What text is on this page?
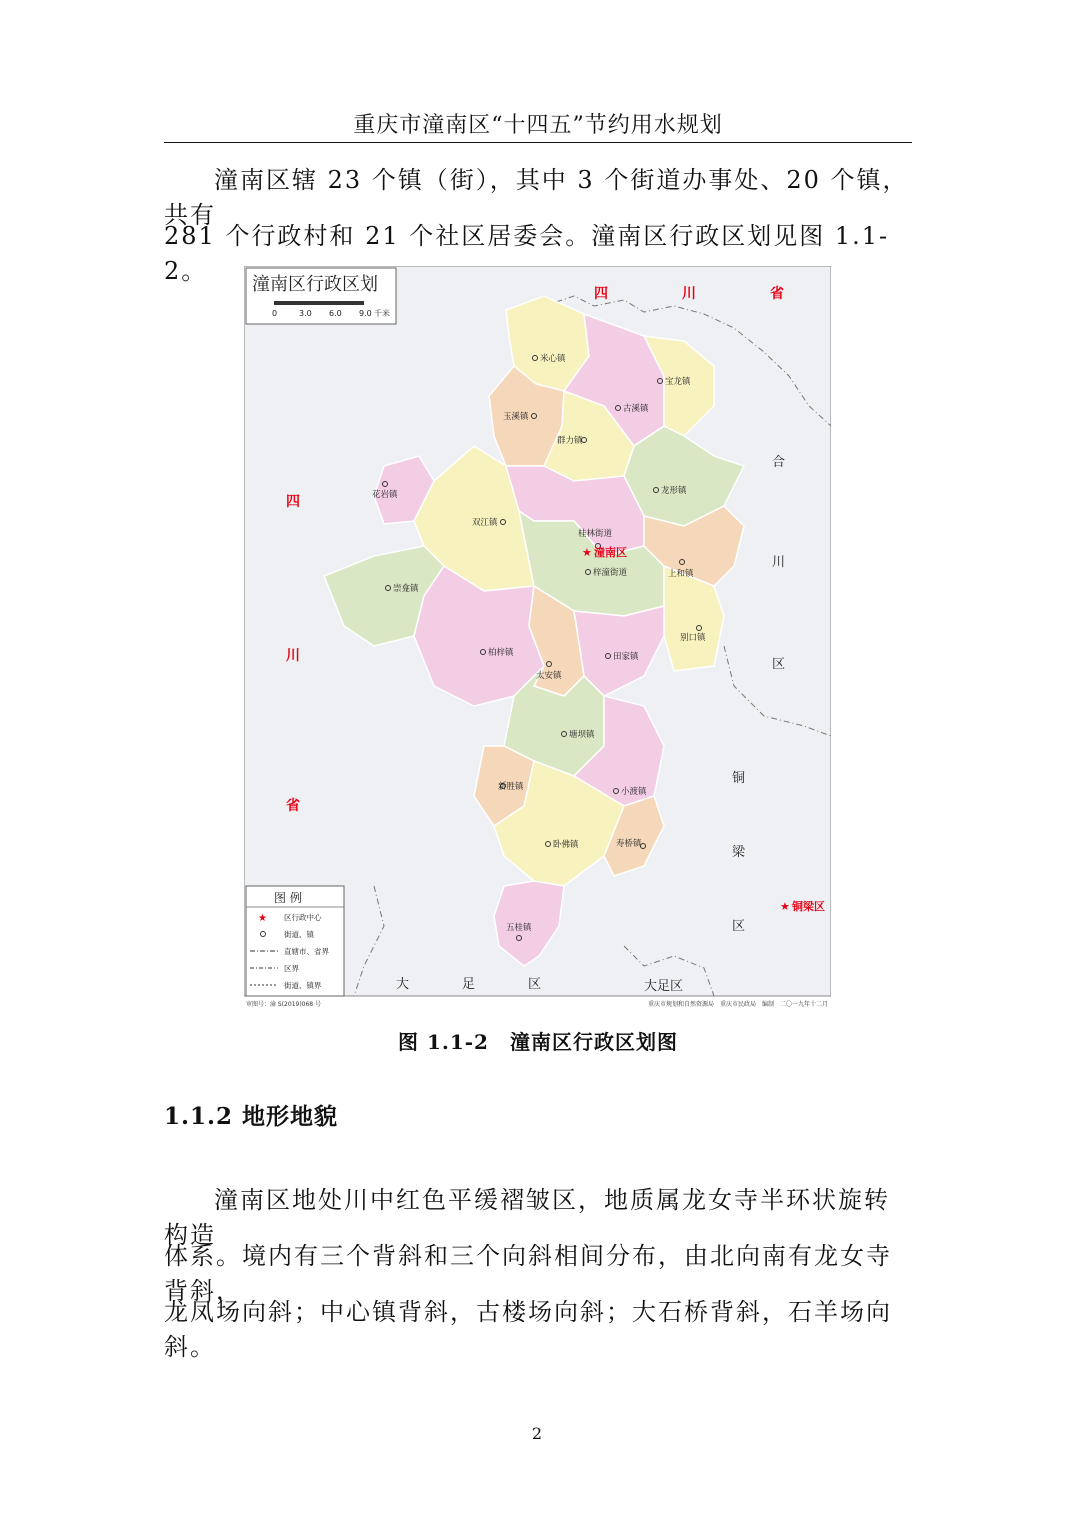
重庆市潼南区“十四五”节约用水规划

潼南区辖 23 个镇（街），其中 3 个街道办事处、20 个镇，共有

281 个行政村和 21 个社区居委会。潼南区行政区划见图 1.1-2。	潼南区行政区划
0	3.0 6.0 9.0 千米
四	川	省
四
川
省
合
川
区
铜
梁
区
大	足	区	大足区
★ 铜梁区
米心镇
宝龙镇
古溪镇
玉溪镇
群力镇
龙形镇
花岩镇
双江镇
桂林街道
梓潼街道	上和镇
崇龛镇
别口镇
柏梓镇	田家镇
太安镇
塘坝镇
新胜镇	小渡镇
卧佛镇	寿桥镇
五桂镇
★ 潼南区
图 例
★ 区行政中心
街道、镇
直辖市、省界
区界
街道、镇界
审图号：渝 S(2019)068 号	重庆市规划和自然资源局　重庆市民政局　编制　二〇一九年十二月
图 1.1-2　潼南区行政区划图
1.1.2 地形地貌

潼南区地处川中红色平缓褶皱区，地质属龙女寺半环状旋转构造

体系。境内有三个背斜和三个向斜相间分布，由北向南有龙女寺背斜，

龙凤场向斜；中心镇背斜，古楼场向斜；大石桥背斜，石羊场向斜。

2
